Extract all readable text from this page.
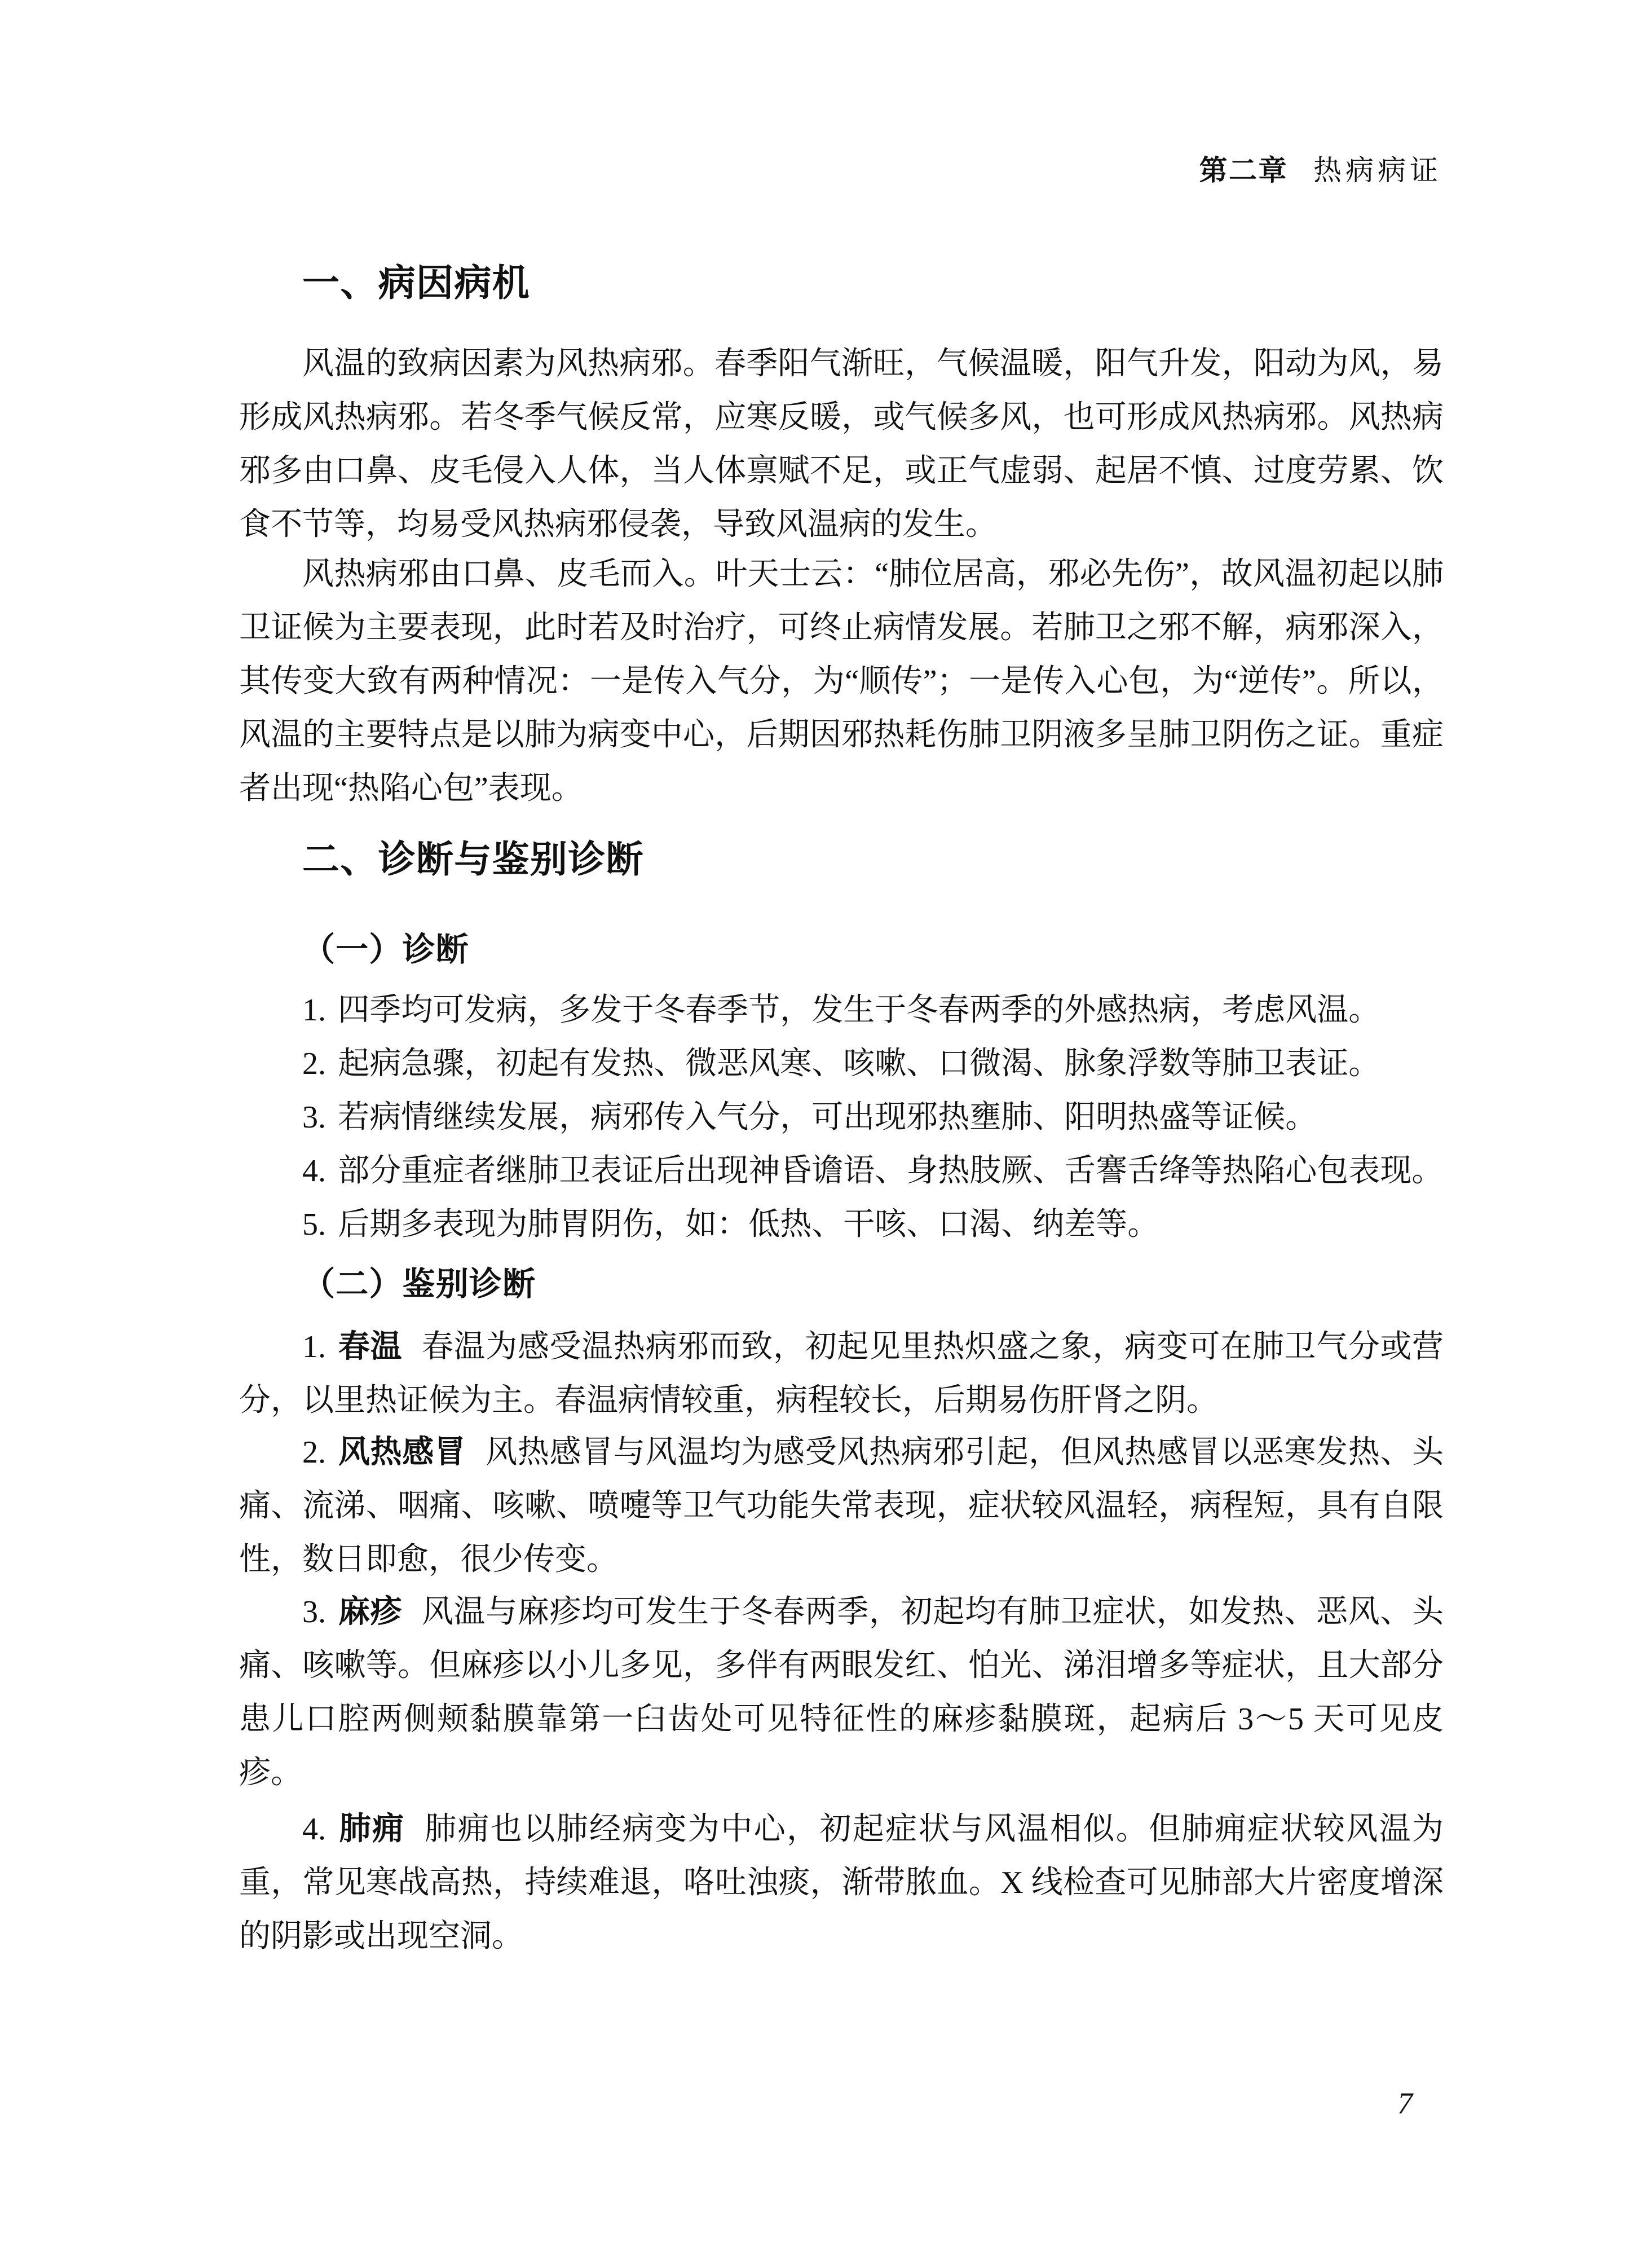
第二章 热病病证
一、病因病机

风温的致病因素为风热病邪。春季阳气渐旺，气候温暖，阳气升发，阳动为风，易形成风热病邪。若冬季气候反常，应寒反暖，或气候多风，也可形成风热病邪。风热病邪多由口鼻、皮毛侵入人体，当人体禀赋不足，或正气虚弱、起居不慎、过度劳累、饮食不节等，均易受风热病邪侵袭，导致风温病的发生。

风热病邪由口鼻、皮毛而入。叶天士云：“肺位居高，邪必先伤”，故风温初起以肺卫证候为主要表现，此时若及时治疗，可终止病情发展。若肺卫之邪不解，病邪深入，其传变大致有两种情况：一是传入气分，为“顺传”；一是传入心包，为“逆传”。所以，风温的主要特点是以肺为病变中心，后期因邪热耗伤肺卫阴液多呈肺卫阴伤之证。重症者出现“热陷心包”表现。

二、诊断与鉴别诊断
（一）诊断
1. 四季均可发病，多发于冬春季节，发生于冬春两季的外感热病，考虑风温。
2. 起病急骤，初起有发热、微恶风寒、咳嗽、口微渴、脉象浮数等肺卫表证。
3. 若病情继续发展，病邪传入气分，可出现邪热壅肺、阳明热盛等证候。
4. 部分重症者继肺卫表证后出现神昏谵语、身热肢厥、舌謇舌绛等热陷心包表现。
5. 后期多表现为肺胃阴伤，如：低热、干咳、口渴、纳差等。
（二）鉴别诊断

1. 春温 春温为感受温热病邪而致，初起见里热炽盛之象，病变可在肺卫气分或营分，以里热证候为主。春温病情较重，病程较长，后期易伤肝肾之阴。

2. 风热感冒 风热感冒与风温均为感受风热病邪引起，但风热感冒以恶寒发热、头痛、流涕、咽痛、咳嗽、喷嚏等卫气功能失常表现，症状较风温轻，病程短，具有自限性，数日即愈，很少传变。

3. 麻疹 风温与麻疹均可发生于冬春两季，初起均有肺卫症状，如发热、恶风、头痛、咳嗽等。但麻疹以小儿多见，多伴有两眼发红、怕光、涕泪增多等症状，且大部分患儿口腔两侧颊黏膜靠第一臼齿处可见特征性的麻疹黏膜斑，起病后 3～5 天可见皮疹。

4. 肺痈 肺痈也以肺经病变为中心，初起症状与风温相似。但肺痈症状较风温为重，常见寒战高热，持续难退，咯吐浊痰，渐带脓血。X 线检查可见肺部大片密度增深的阴影或出现空洞。

7
